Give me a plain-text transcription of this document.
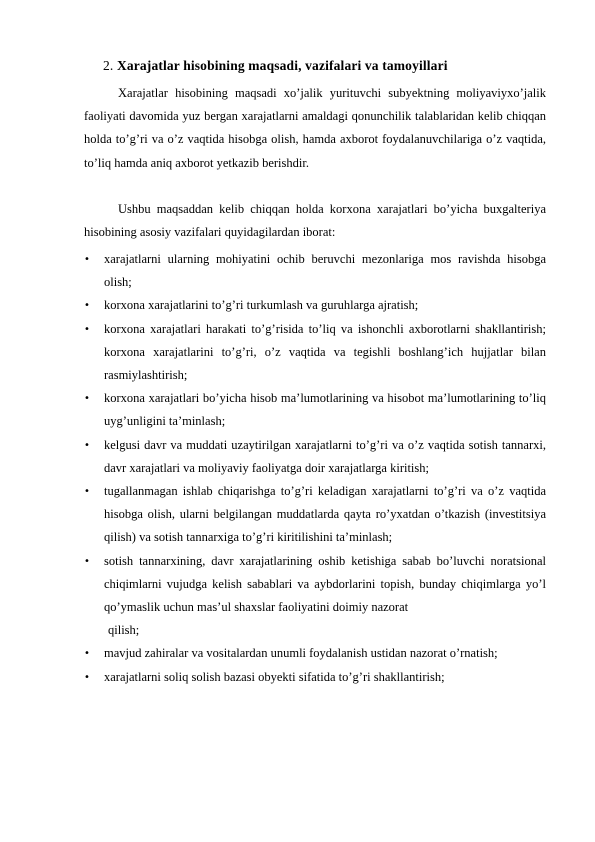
2. Xarajatlar hisobining maqsadi, vazifalari va tamoyillari

Xarajatlar hisobining maqsadi xo’jalik yurituvchi subyektning moliyaviyxo’jalik faoliyati davomida yuz bergan xarajatlarni amaldagi qonunchilik talablaridan kelib chiqqan holda to’g’ri va o’z vaqtida hisobga olish, hamda axborot foydalanuvchilariga o’z vaqtida, to’liq hamda aniq axborot yetkazib berishdir.

Ushbu maqsaddan kelib chiqqan holda korxona xarajatlari bo’yicha buxgalteriya hisobining asosiy vazifalari quyidagilardan iborat:

• xarajatlarni ularning mohiyatini ochib beruvchi mezonlariga mos ravishda hisobga olish;
• korxona xarajatlarini to’g’ri turkumlash va guruhlarga ajratish;
• korxona xarajatlari harakati to’g’risida to’liq va ishonchli axborotlarni shakllantirish; korxona xarajatlarini to’g’ri, o’z vaqtida va tegishli boshlang’ich hujjatlar bilan rasmiylashtirish;
• korxona xarajatlari bo’yicha hisob ma’lumotlarining va hisobot ma’lumotlarining to’liq uyg’unligini ta’minlash;
• kelgusi davr va muddati uzaytirilgan xarajatlarni to’g’ri va o’z vaqtida sotish tannarxi, davr xarajatlari va moliyaviy faoliyatga doir xarajatlarga kiritish;
• tugallanmagan ishlab chiqarishga to’g’ri keladigan xarajatlarni to’g’ri va o’z vaqtida hisobga olish, ularni belgilangan muddatlarda qayta ro’yxatdan o’tkazish (investitsiya qilish) va sotish tannarxiga to’g’ri kiritilishini ta’minlash;
• sotish tannarxining, davr xarajatlarining oshib ketishiga sabab bo’luvchi noratsional chiqimlarni vujudga kelish sabablari va aybdorlarini topish, bunday chiqimlarga yo’l qo’ymaslik uchun mas’ul shaxslar faoliyatini doimiy nazorat
qilish;
• mavjud zahiralar va vositalardan unumli foydalanish ustidan nazorat o’rnatish;
• xarajatlarni soliq solish bazasi obyekti sifatida to’g’ri shakllantirish;
